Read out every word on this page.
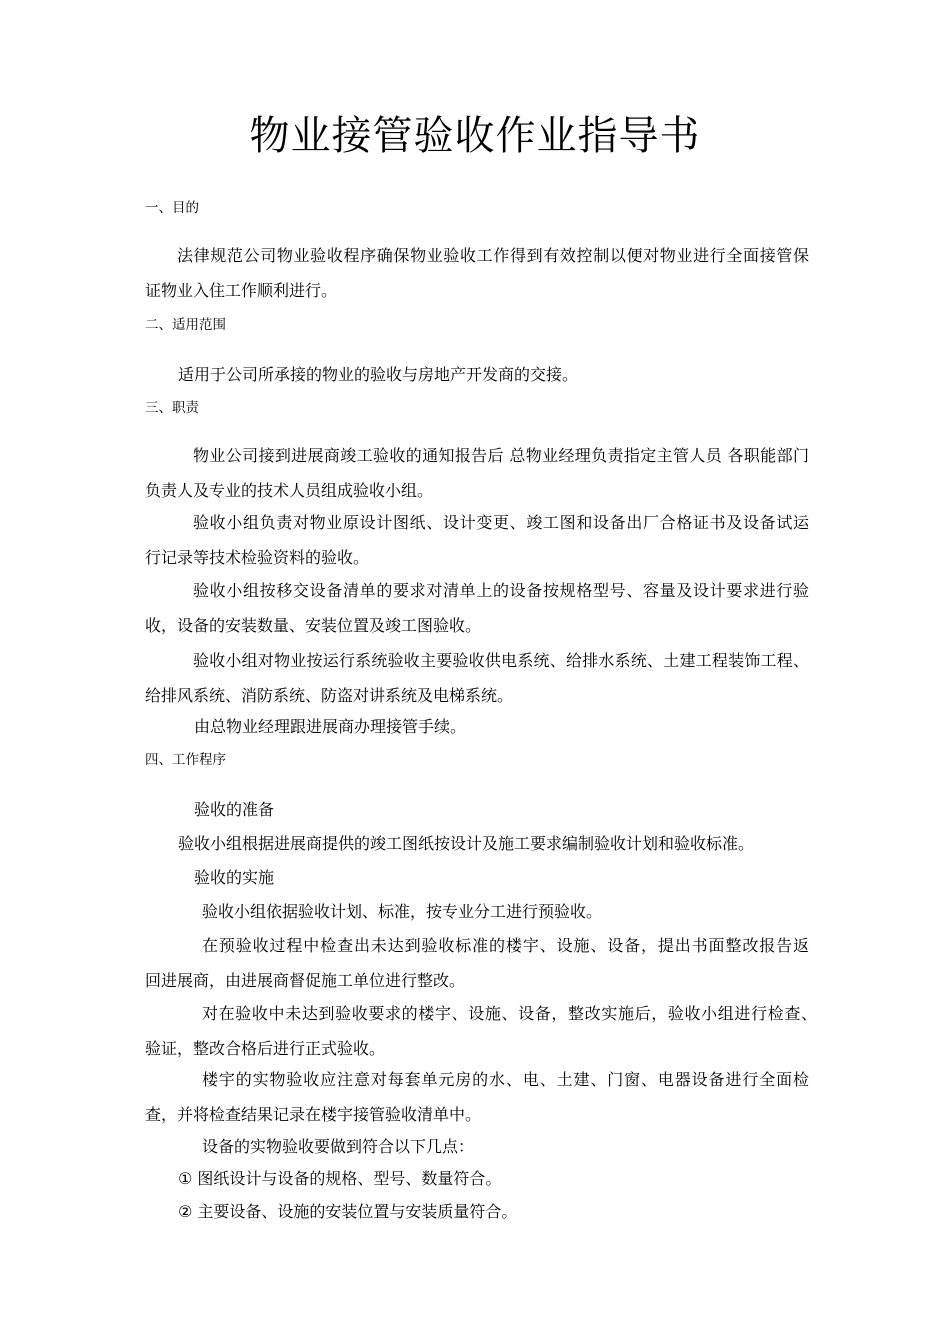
物业接管验收作业指导书
一、目的
法律规范公司物业验收程序确保物业验收工作得到有效控制以便对物业进行全面接管保　证物业入住工作顺利进行。
二、适用范围
适用于公司所承接的物业的验收与房地产开发商的交接。
三、职责
物业公司接到进展商竣工验收的通知报告后 总物业经理负责指定主管人员 各职能部门负责人及专业的技术人员组成验收小组。
验收小组负责对物业原设计图纸、设计变更、竣工图和设备出厂合格证书及设备试运　行记录等技术检验资料的验收。
验收小组按移交设备清单的要求对清单上的设备按规格型号、容量及设计要求进行验收，设备的安装数量、安装位置及竣工图验收。
验收小组对物业按运行系统验收主要验收供电系统、给排水系统、土建工程装饰工程、给排风系统、消防系统、防盗对讲系统及电梯系统。
由总物业经理跟进展商办理接管手续。
四、工作程序
验收的准备
验收小组根据进展商提供的竣工图纸按设计及施工要求编制验收计划和验收标准。
验收的实施
验收小组依据验收计划、标准，按专业分工进行预验收。
在预验收过程中检查出未达到验收标准的楼宇、设施、设备，提出书面整改报告返　回进展商，由进展商督促施工单位进行整改。
对在验收中未达到验收要求的楼宇、设施、设备，整改实施后，验收小组进行检查、　验证，整改合格后进行正式验收。
楼宇的实物验收应注意对每套单元房的水、电、土建、门窗、电器设备进行全面检查，并将检查结果记录在楼宇接管验收清单中。
设备的实物验收要做到符合以下几点：
① 图纸设计与设备的规格、型号、数量符合。
② 主要设备、设施的安装位置与安装质量符合。
